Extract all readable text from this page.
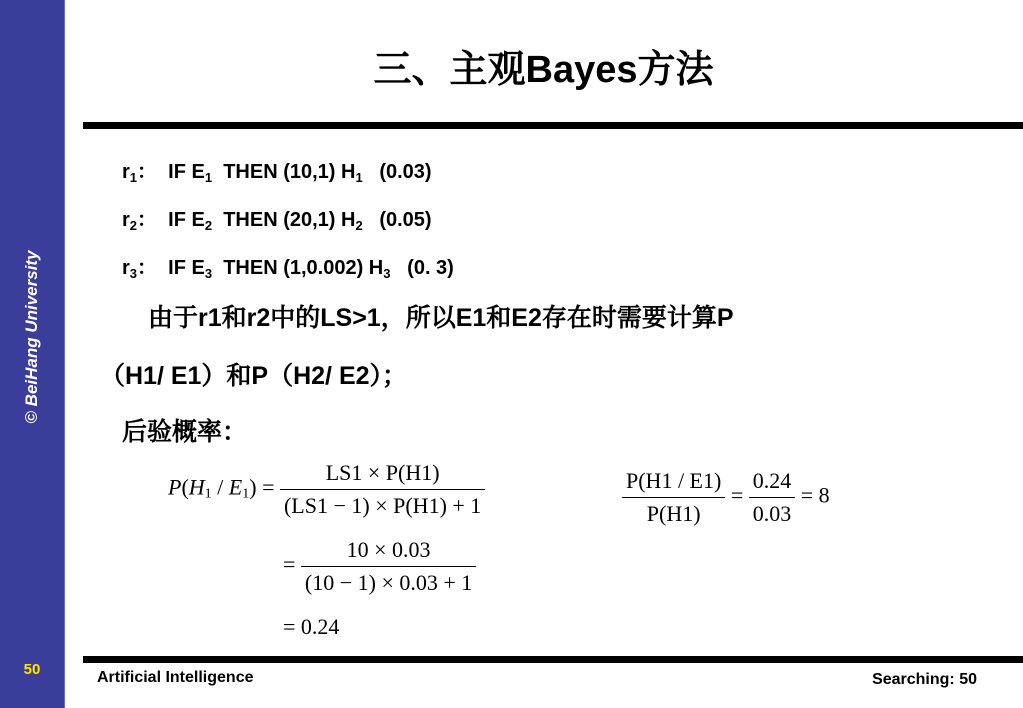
© BeiHang University
50
三、主观Bayes方法
$r_1$：  IF $E_1$ THEN (10,1) $H_1$ (0.03)
$r_2$：  IF $E_2$ THEN (20,1) $H_2$ (0.05)
$r_3$：  IF $E_3$ THEN (1,0.002) $H_3$ (0. 3)
由于r1和r2中的LS>1，所以E1和E2存在时需要计算P
（H1/ E1）和P（H2/ E2）；
后验概率：
$P(H_1 / E_1) = \frac{LS1 \times P(H1)}{(LS1 - 1) \times P(H1) + 1}$
= $\frac{10 \times 0.03}{(10 - 1) \times 0.03 + 1}$
= 0.24
$\frac{P(H1 / E1)}{P(H1)} = \frac{0.24}{0.03} = 8$
Artificial Intelligence	Searching: 50
